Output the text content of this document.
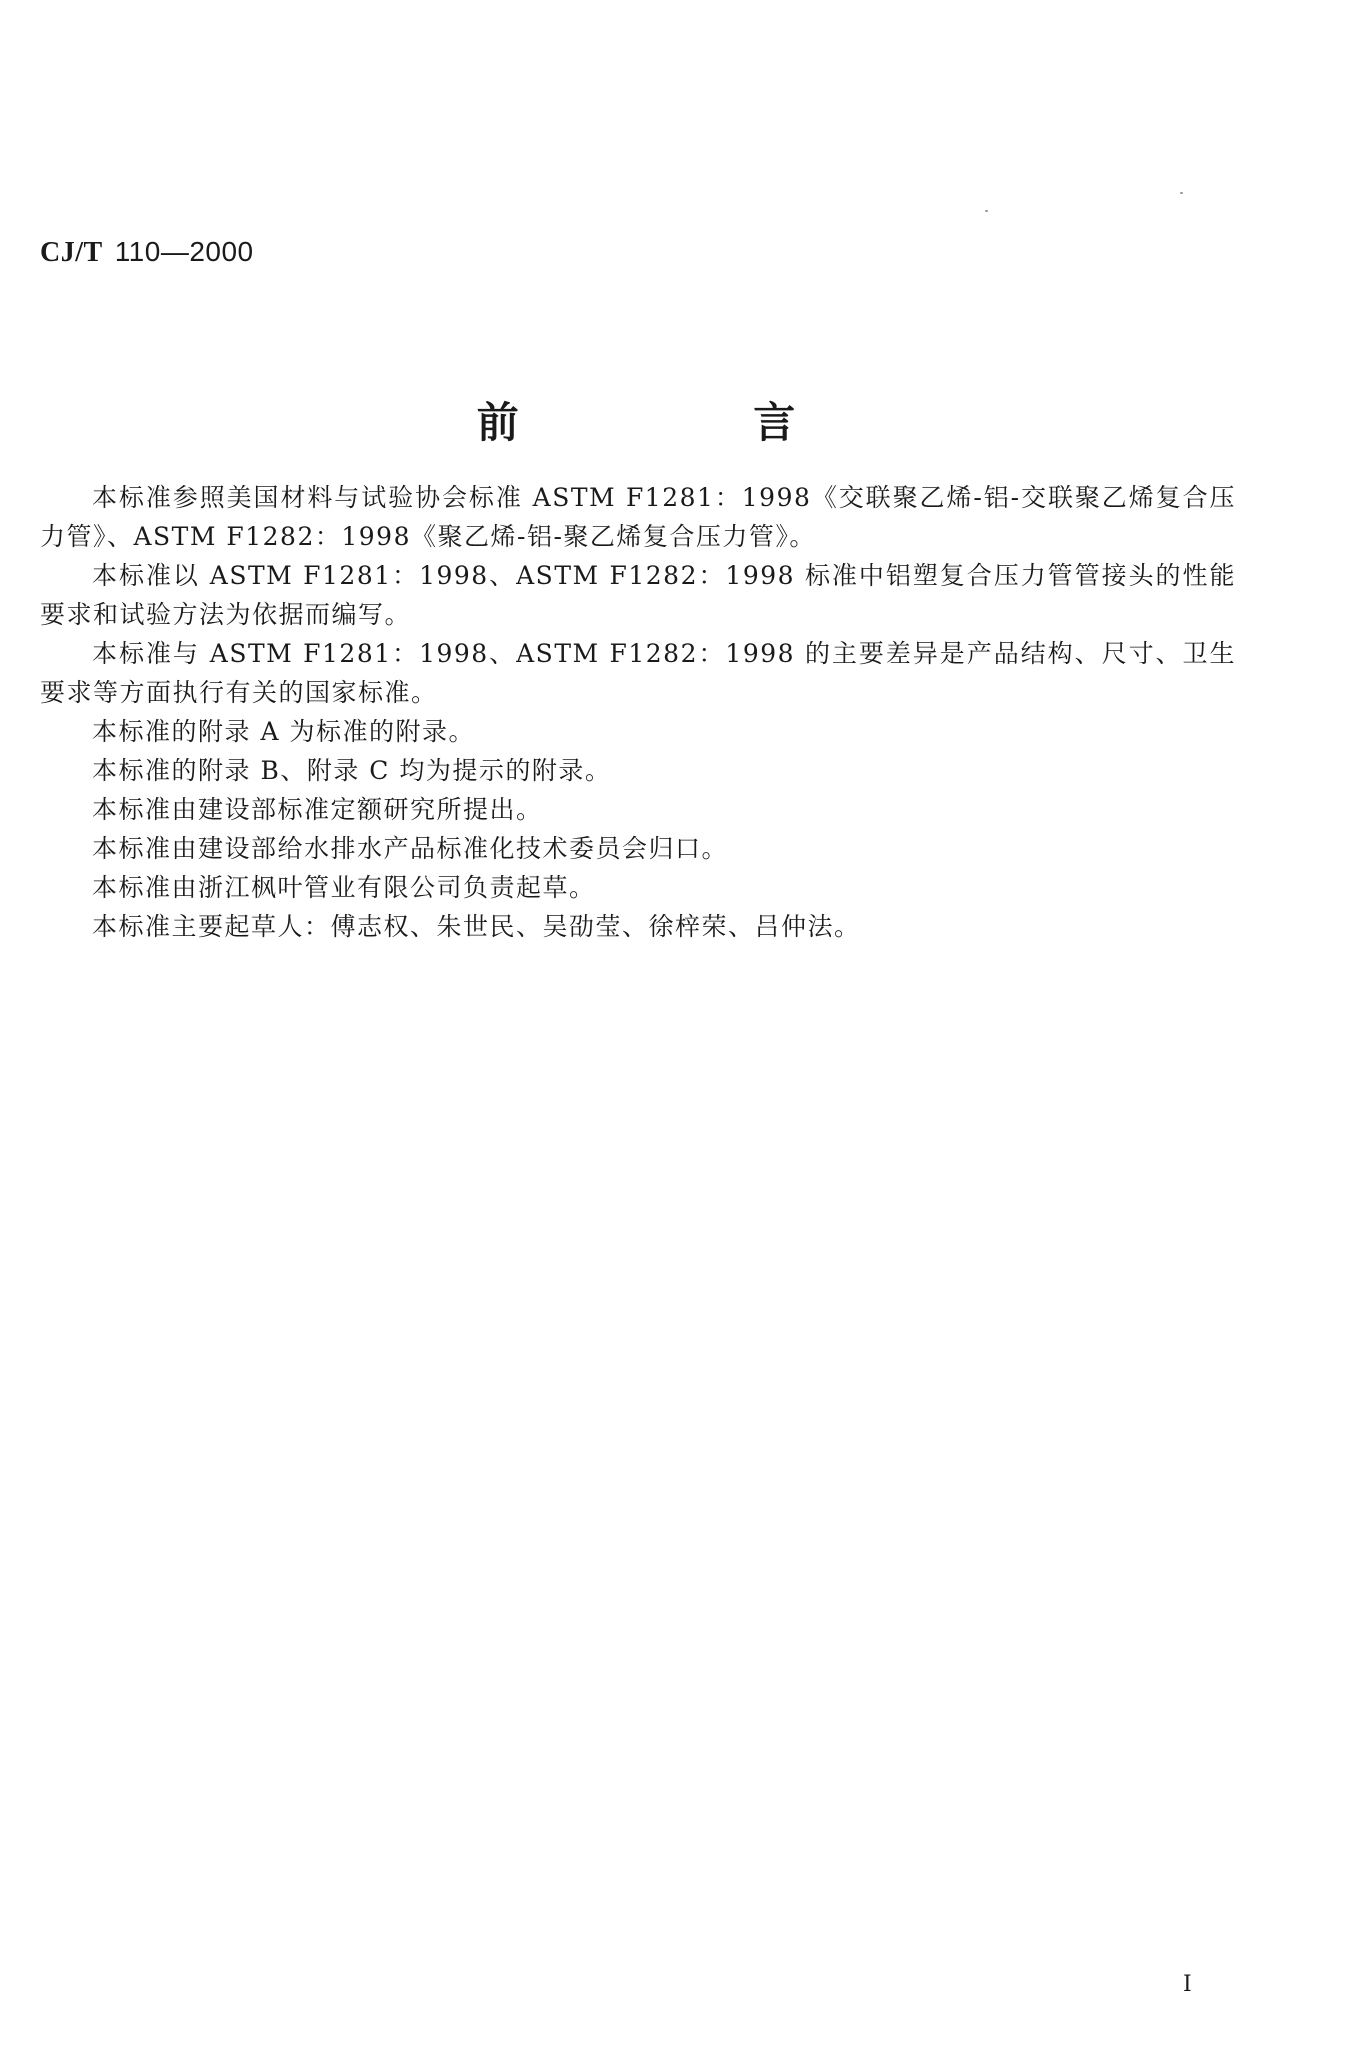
CJ/T 110—2000
前 言

本标准参照美国材料与试验协会标准 ASTM F1281：1998《交联聚乙烯-铝-交联聚乙烯复合压力管》、ASTM F1282：1998《聚乙烯-铝-聚乙烯复合压力管》。

本标准以 ASTM F1281：1998、ASTM F1282：1998 标准中铝塑复合压力管管接头的性能要求和试验方法为依据而编写。

本标准与 ASTM F1281：1998、ASTM F1282：1998 的主要差异是产品结构、尺寸、卫生要求等方面执行有关的国家标准。

本标准的附录 A 为标准的附录。

本标准的附录 B、附录 C 均为提示的附录。

本标准由建设部标准定额研究所提出。

本标准由建设部给水排水产品标准化技术委员会归口。

本标准由浙江枫叶管业有限公司负责起草。

本标准主要起草人：傅志权、朱世民、吴劭莹、徐梓荣、吕仲法。

I
